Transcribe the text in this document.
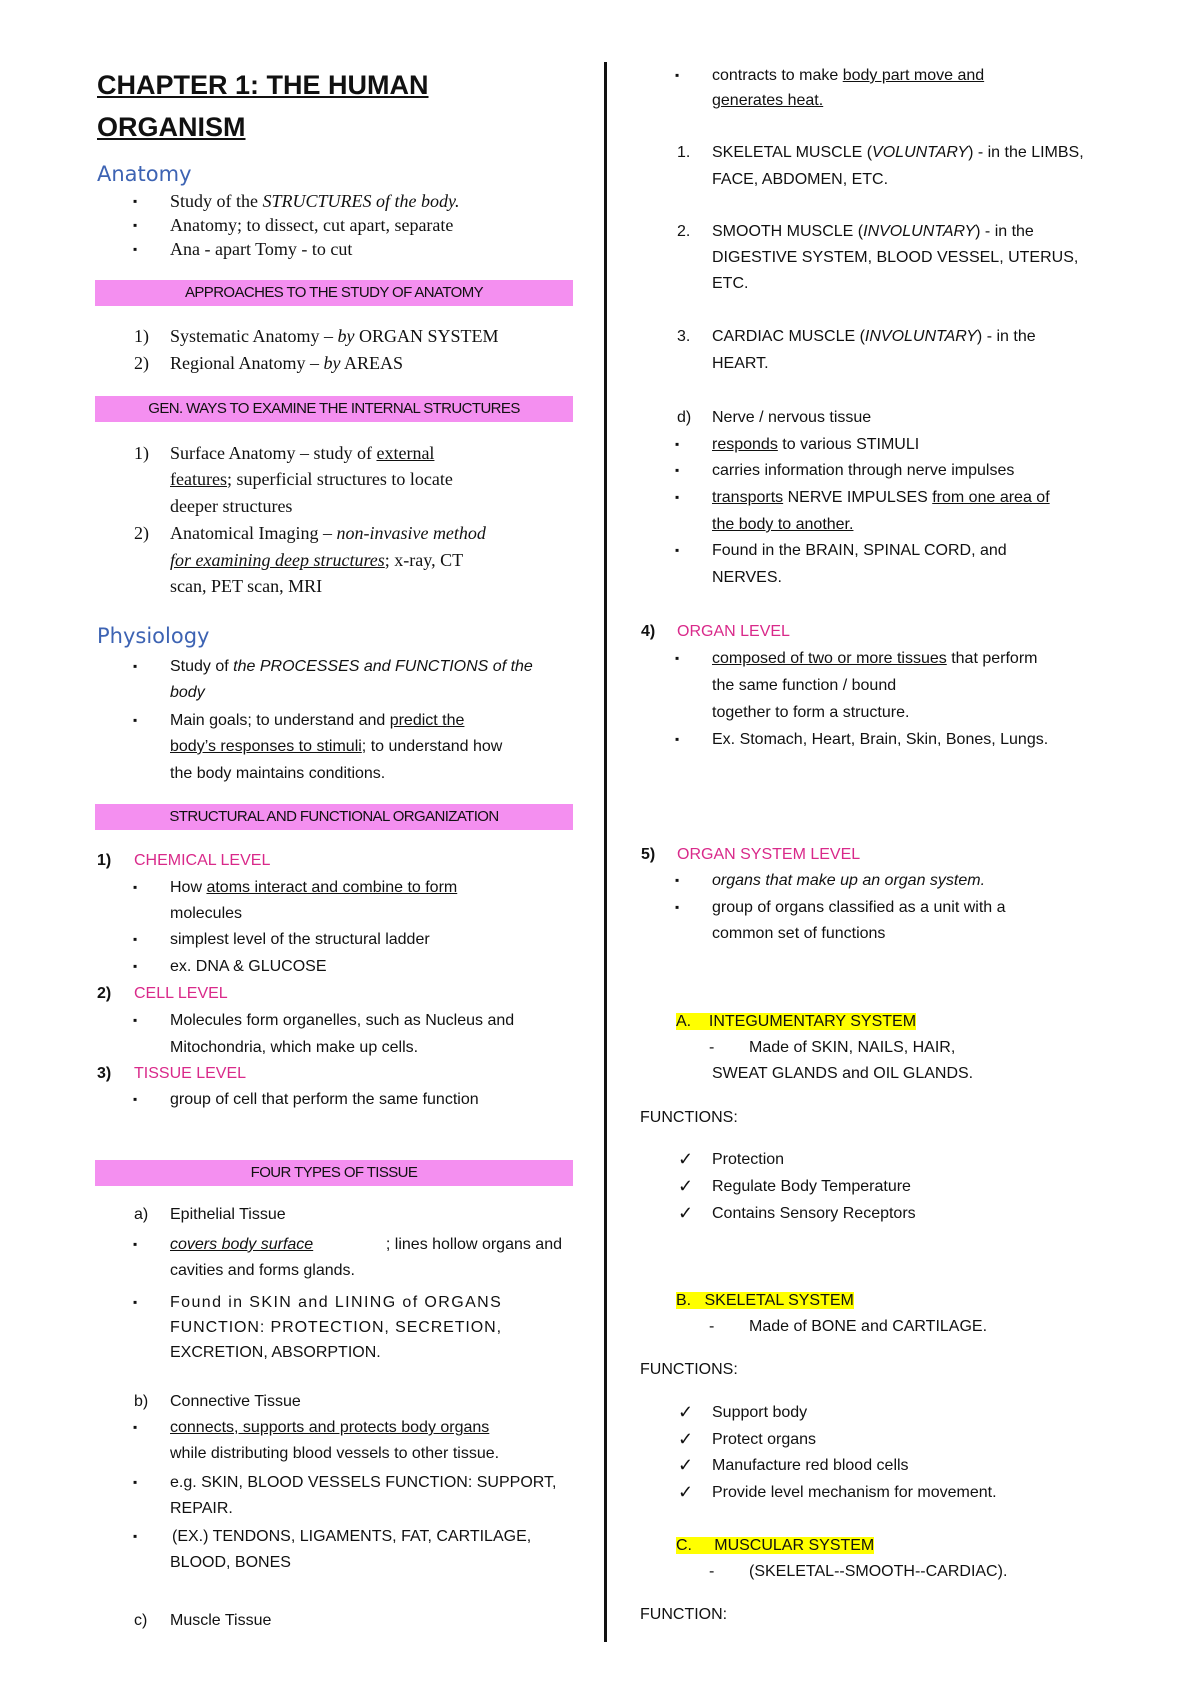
CHAPTER 1: THE HUMAN ORGANISM
Anatomy
▪
Study of the STRUCTURES of the body.
▪
Anatomy; to dissect, cut apart, separate
▪
Ana - apart Tomy - to cut
APPROACHES TO THE STUDY OF ANATOMY
1) Systematic Anatomy – by ORGAN SYSTEM
2) Regional Anatomy – by AREAS
GEN. WAYS TO EXAMINE THE INTERNAL STRUCTURES
1) Surface Anatomy – study of external
features; superficial structures to locate
deeper structures
2) Anatomical Imaging – non-invasive method
for examining deep structures; x-ray, CT
scan, PET scan, MRI
Physiology
▪
Study of the PROCESSES and FUNCTIONS of the
body
▪
Main goals; to understand and predict the
body’s responses to stimuli; to understand how
the body maintains conditions.
STRUCTURAL AND FUNCTIONAL ORGANIZATION
1) CHEMICAL LEVEL
▪
How atoms interact and combine to form
molecules
▪
simplest level of the structural ladder
▪
ex. DNA & GLUCOSE
2) CELL LEVEL
▪
Molecules form organelles, such as Nucleus and
Mitochondria, which make up cells.
3) TISSUE LEVEL
▪
group of cell that perform the same function
FOUR TYPES OF TISSUE
a) Epithelial Tissue
▪
covers body surface	; lines hollow organs and
cavities and forms glands.
▪
Found in SKIN and LINING of ORGANS
FUNCTION: PROTECTION, SECRETION,
EXCRETION, ABSORPTION.
b) Connective Tissue
▪
connects, supports and protects body organs
while distributing blood vessels to other tissue.
▪
e.g. SKIN, BLOOD VESSELS FUNCTION: SUPPORT,
REPAIR.
▪
(EX.) TENDONS, LIGAMENTS, FAT, CARTILAGE,
BLOOD, BONES
c) Muscle Tissue
▪
contracts to make body part move and
generates heat.
1. SKELETAL MUSCLE (VOLUNTARY) - in the LIMBS,
FACE, ABDOMEN, ETC.
2. SMOOTH MUSCLE (INVOLUNTARY) - in the
DIGESTIVE SYSTEM, BLOOD VESSEL, UTERUS,
ETC.
3. CARDIAC MUSCLE (INVOLUNTARY) - in the
HEART.
d) Nerve / nervous tissue
▪
responds to various STIMULI
▪
carries information through nerve impulses
▪
transports NERVE IMPULSES from one area of
the body to another.
▪
Found in the BRAIN, SPINAL CORD, and
NERVES.
4) ORGAN LEVEL
▪
composed of two or more tissues that perform
the same function / bound
together to form a structure.
▪
Ex. Stomach, Heart, Brain, Skin, Bones, Lungs.
5) ORGAN SYSTEM LEVEL
▪
organs that make up an organ system.
▪
group of organs classified as a unit with a
common set of functions
A. INTEGUMENTARY SYSTEM
- Made of SKIN, NAILS, HAIR,
SWEAT GLANDS and OIL GLANDS.
FUNCTIONS:
✓ Protection
✓ Regulate Body Temperature
✓ Contains Sensory Receptors
B. SKELETAL SYSTEM
- Made of BONE and CARTILAGE.
FUNCTIONS:
✓ Support body
✓ Protect organs
✓ Manufacture red blood cells
✓ Provide level mechanism for movement.
C. MUSCULAR SYSTEM
- (SKELETAL--SMOOTH--CARDIAC).
FUNCTION:
